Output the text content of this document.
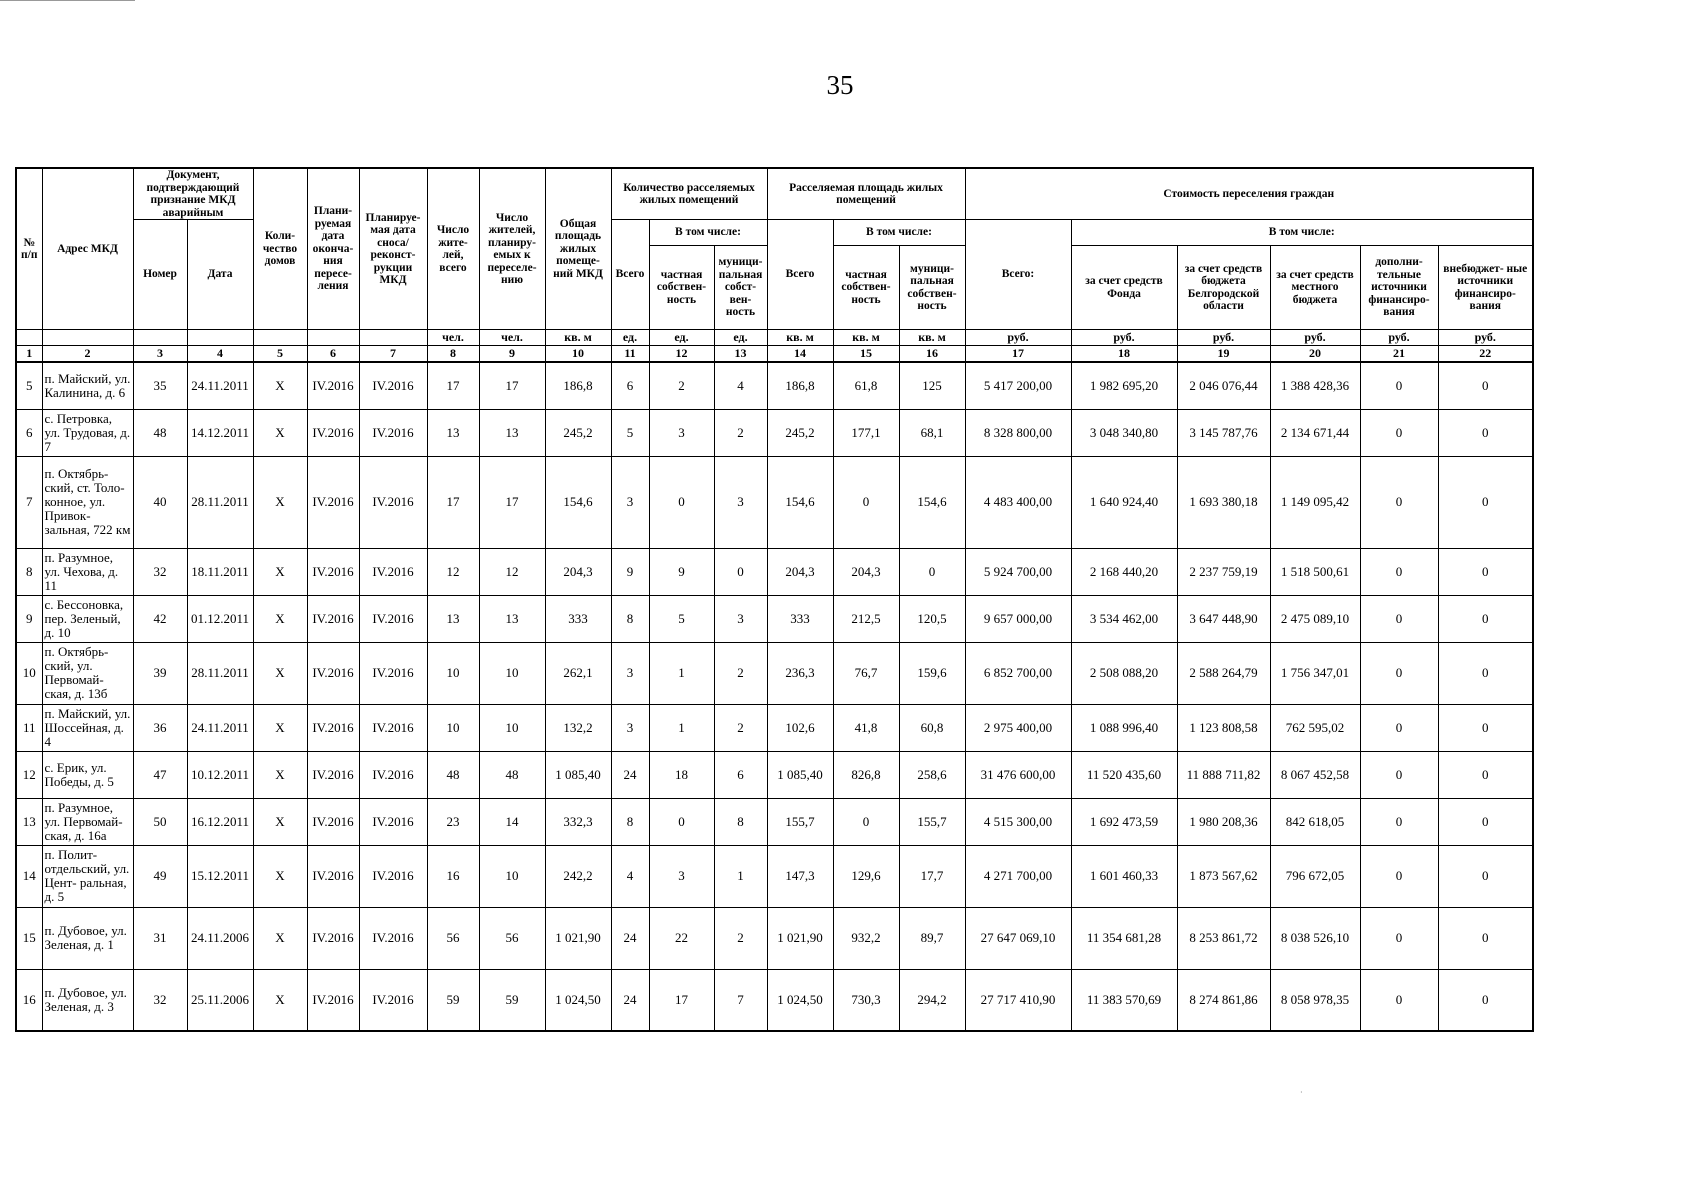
35
№ п/п	Адрес МКД	Документ, подтверждающий признание МКД аварийным		Коли- чество домов	Плани- руемая дата оконча- ния пересе- ления	Планируе- мая дата сноса/ реконст- рукции МКД	Число жите- лей, всего	Число жителей, планиру- емых к переселе- нию	Общая площадь жилых помеще- ний МКД	Количество расселяемых жилых помещений			Расселяемая площадь жилых помещений			Стоимость переселения граждан					
		Номер	Дата							Всего	В том числе:		Всего	В том числе:		Всего:	В том числе:				
											частная собствен- ность	муници- пальная собст- вен- ность		частная собствен- ность	муници- пальная собствен- ность		за счет средств Фонда	за счет средств бюджета Белгородской области	за счет средств местного бюджета	дополни- тельные источники финансиро- вания	внебюджет- ные источники финансиро- вания
							чел.	чел.	кв. м	ед.	ед.	ед.	кв. м	кв. м	кв. м	руб.	руб.	руб.	руб.	руб.	руб.
1	2	3	4	5	6	7	8	9	10	11	12	13	14	15	16	17	18	19	20	21	22
5	п. Майский, ул. Калинина, д. 6	35	24.11.2011	X	IV.2016	IV.2016	17	17	186,8	6	2	4	186,8	61,8	125	5 417 200,00	1 982 695,20	2 046 076,44	1 388 428,36	0	0
6	с. Петровка, ул. Трудовая, д. 7	48	14.12.2011	X	IV.2016	IV.2016	13	13	245,2	5	3	2	245,2	177,1	68,1	8 328 800,00	3 048 340,80	3 145 787,76	2 134 671,44	0	0
7	п. Октябрь- ский, ст. Толо- конное, ул. Привок- зальная, 722 км	40	28.11.2011	X	IV.2016	IV.2016	17	17	154,6	3	0	3	154,6	0	154,6	4 483 400,00	1 640 924,40	1 693 380,18	1 149 095,42	0	0
8	п. Разумное, ул. Чехова, д. 11	32	18.11.2011	X	IV.2016	IV.2016	12	12	204,3	9	9	0	204,3	204,3	0	5 924 700,00	2 168 440,20	2 237 759,19	1 518 500,61	0	0
9	с. Бессоновка, пер. Зеленый, д. 10	42	01.12.2011	X	IV.2016	IV.2016	13	13	333	8	5	3	333	212,5	120,5	9 657 000,00	3 534 462,00	3 647 448,90	2 475 089,10	0	0
10	п. Октябрь- ский, ул. Первомай- ская, д. 13б	39	28.11.2011	X	IV.2016	IV.2016	10	10	262,1	3	1	2	236,3	76,7	159,6	6 852 700,00	2 508 088,20	2 588 264,79	1 756 347,01	0	0
11	п. Майский, ул. Шоссейная, д. 4	36	24.11.2011	X	IV.2016	IV.2016	10	10	132,2	3	1	2	102,6	41,8	60,8	2 975 400,00	1 088 996,40	1 123 808,58	762 595,02	0	0
12	с. Ерик, ул. Победы, д. 5	47	10.12.2011	X	IV.2016	IV.2016	48	48	1 085,40	24	18	6	1 085,40	826,8	258,6	31 476 600,00	11 520 435,60	11 888 711,82	8 067 452,58	0	0
13	п. Разумное, ул. Первомай- ская, д. 16а	50	16.12.2011	X	IV.2016	IV.2016	23	14	332,3	8	0	8	155,7	0	155,7	4 515 300,00	1 692 473,59	1 980 208,36	842 618,05	0	0
14	п. Полит- отдельский, ул. Цент- ральная, д. 5	49	15.12.2011	X	IV.2016	IV.2016	16	10	242,2	4	3	1	147,3	129,6	17,7	4 271 700,00	1 601 460,33	1 873 567,62	796 672,05	0	0
15	п. Дубовое, ул. Зеленая, д. 1	31	24.11.2006	X	IV.2016	IV.2016	56	56	1 021,90	24	22	2	1 021,90	932,2	89,7	27 647 069,10	11 354 681,28	8 253 861,72	8 038 526,10	0	0
16	п. Дубовое, ул. Зеленая, д. 3	32	25.11.2006	X	IV.2016	IV.2016	59	59	1 024,50	24	17	7	1 024,50	730,3	294,2	27 717 410,90	11 383 570,69	8 274 861,86	8 058 978,35	0	0
·
